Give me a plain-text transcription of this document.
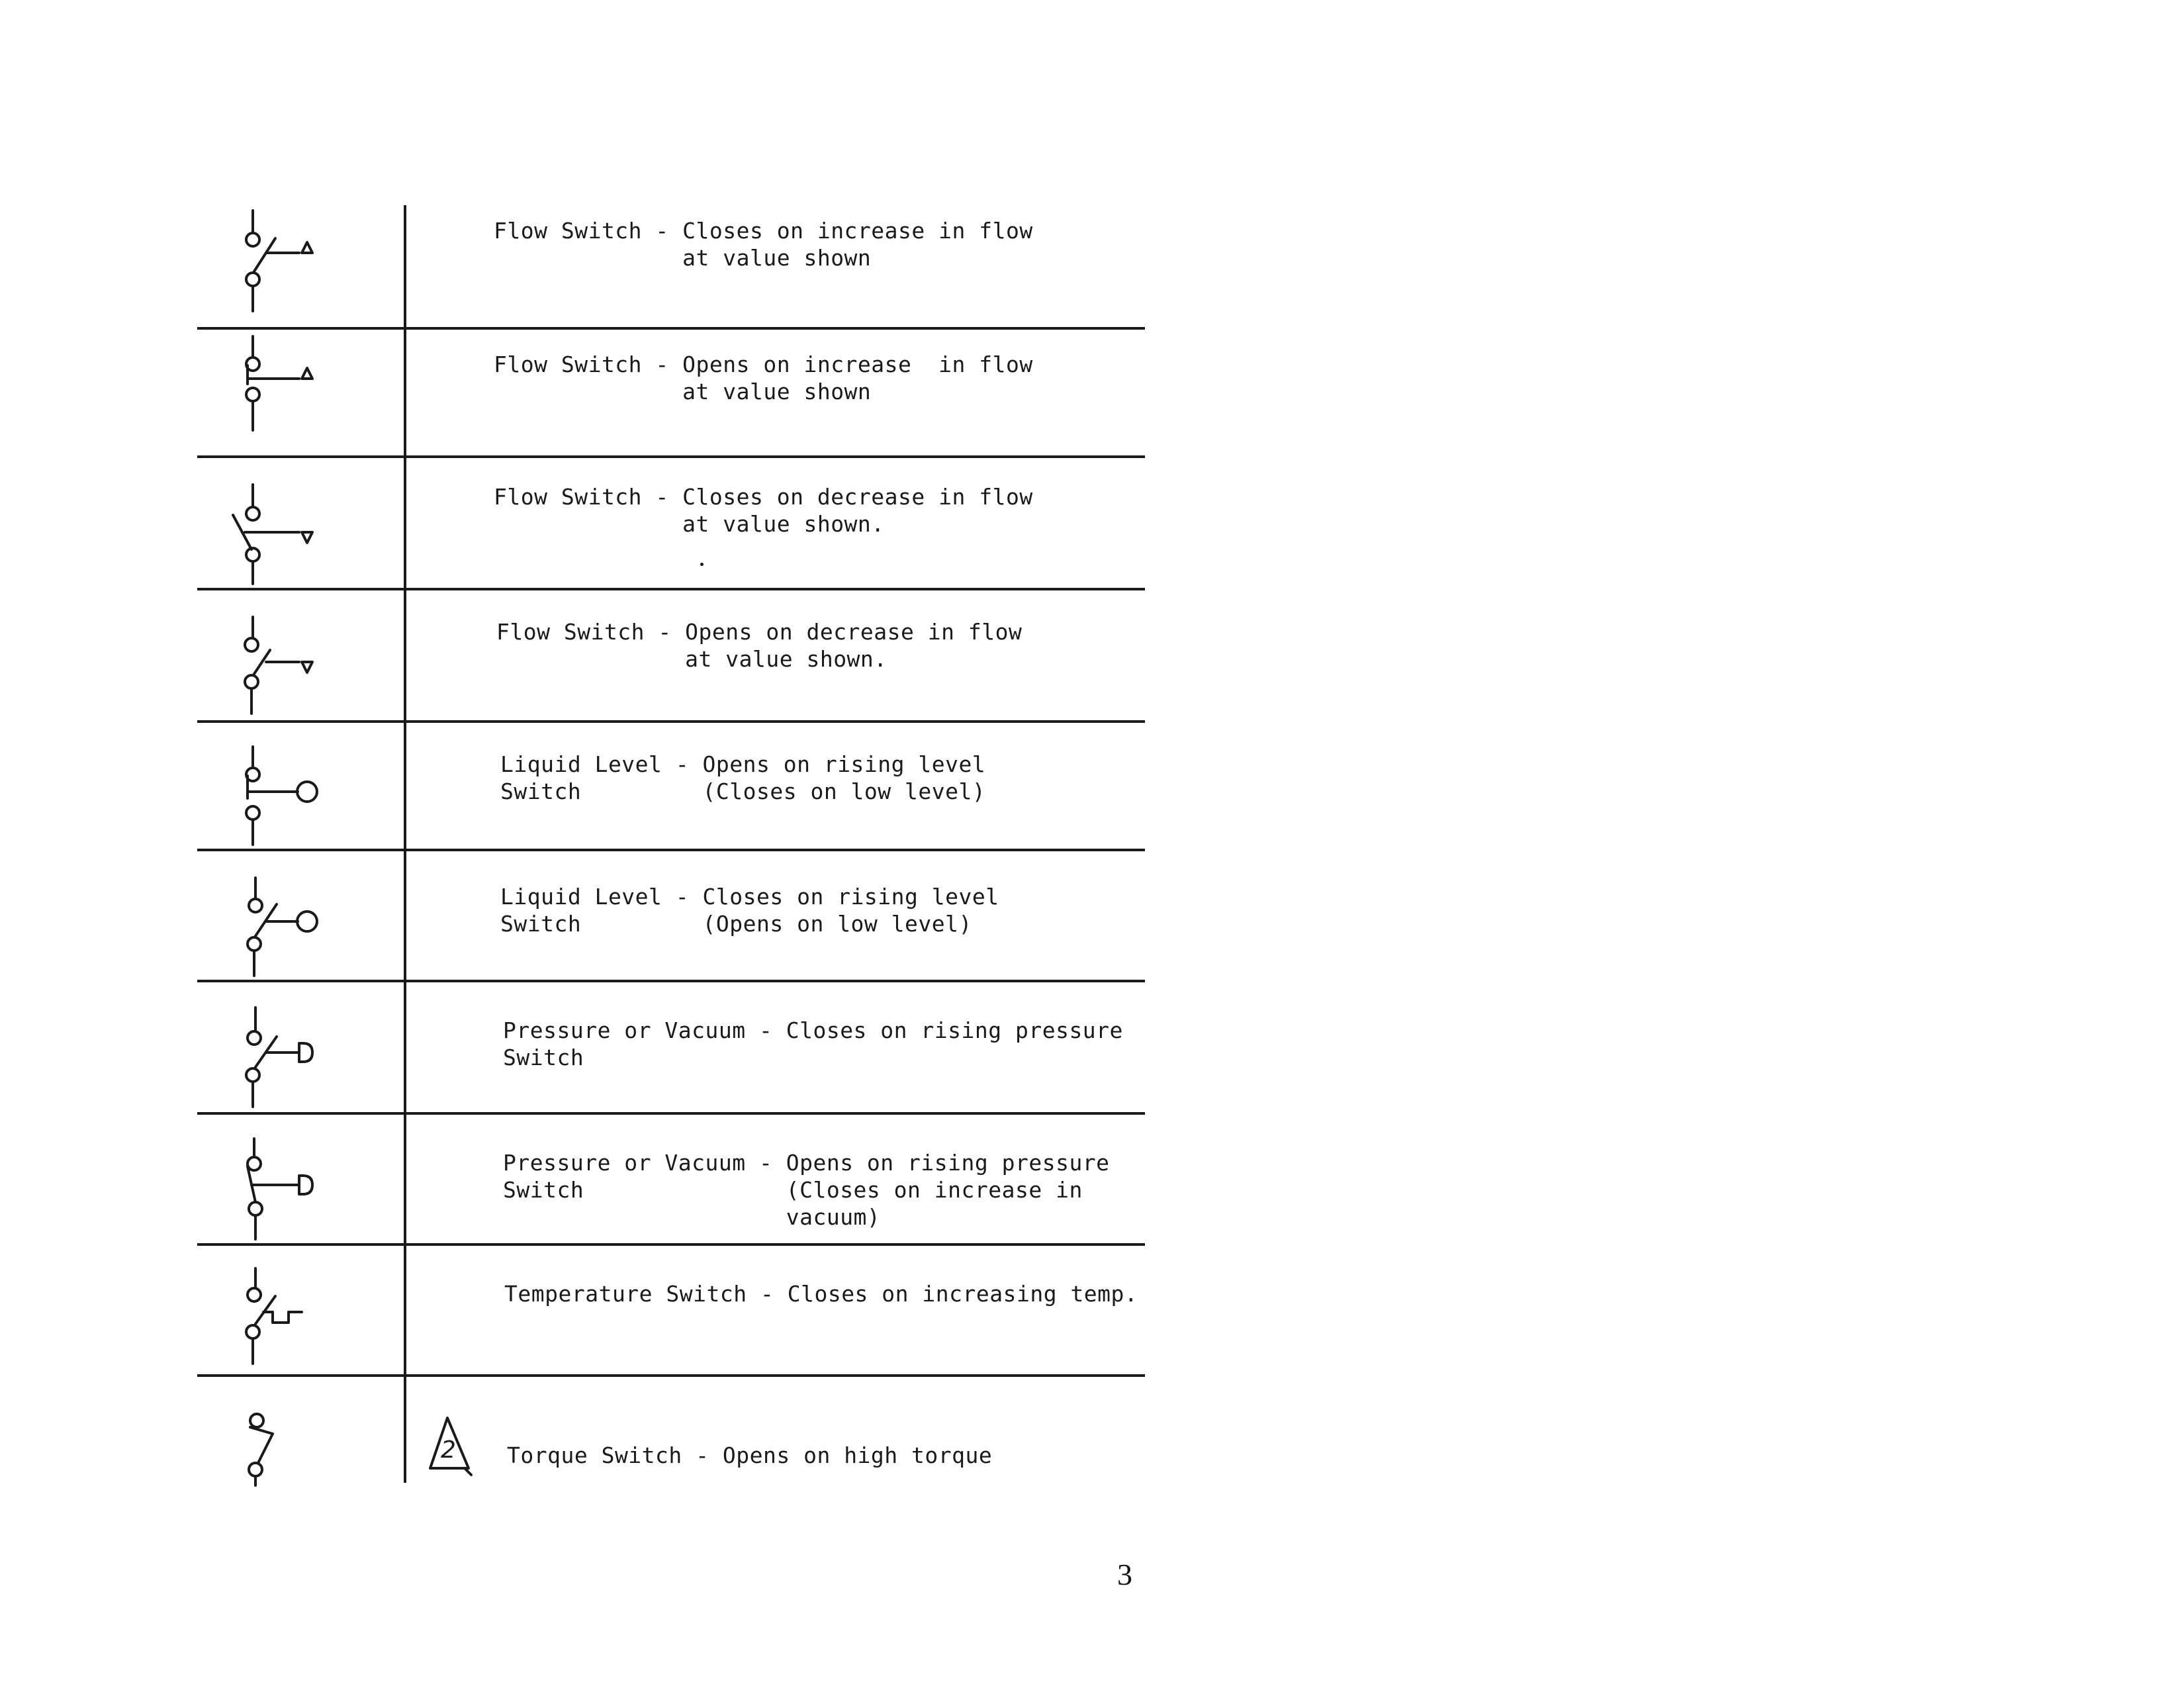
Flow Switch - Closes on increase in flow
at value shown
Flow Switch - Opens on increase  in flow
at value shown
Flow Switch - Closes on decrease in flow
at value shown.
Flow Switch - Opens on decrease in flow
at value shown.
Liquid Level - Opens on rising level
Switch         (Closes on low level)
Liquid Level - Closes on rising level
Switch         (Opens on low level)
Pressure or Vacuum - Closes on rising pressure
Switch
Pressure or Vacuum - Opens on rising pressure
Switch               (Closes on increase in
vacuum)
Temperature Switch - Closes on increasing temp.
2 Torque Switch - Opens on high torque
3
